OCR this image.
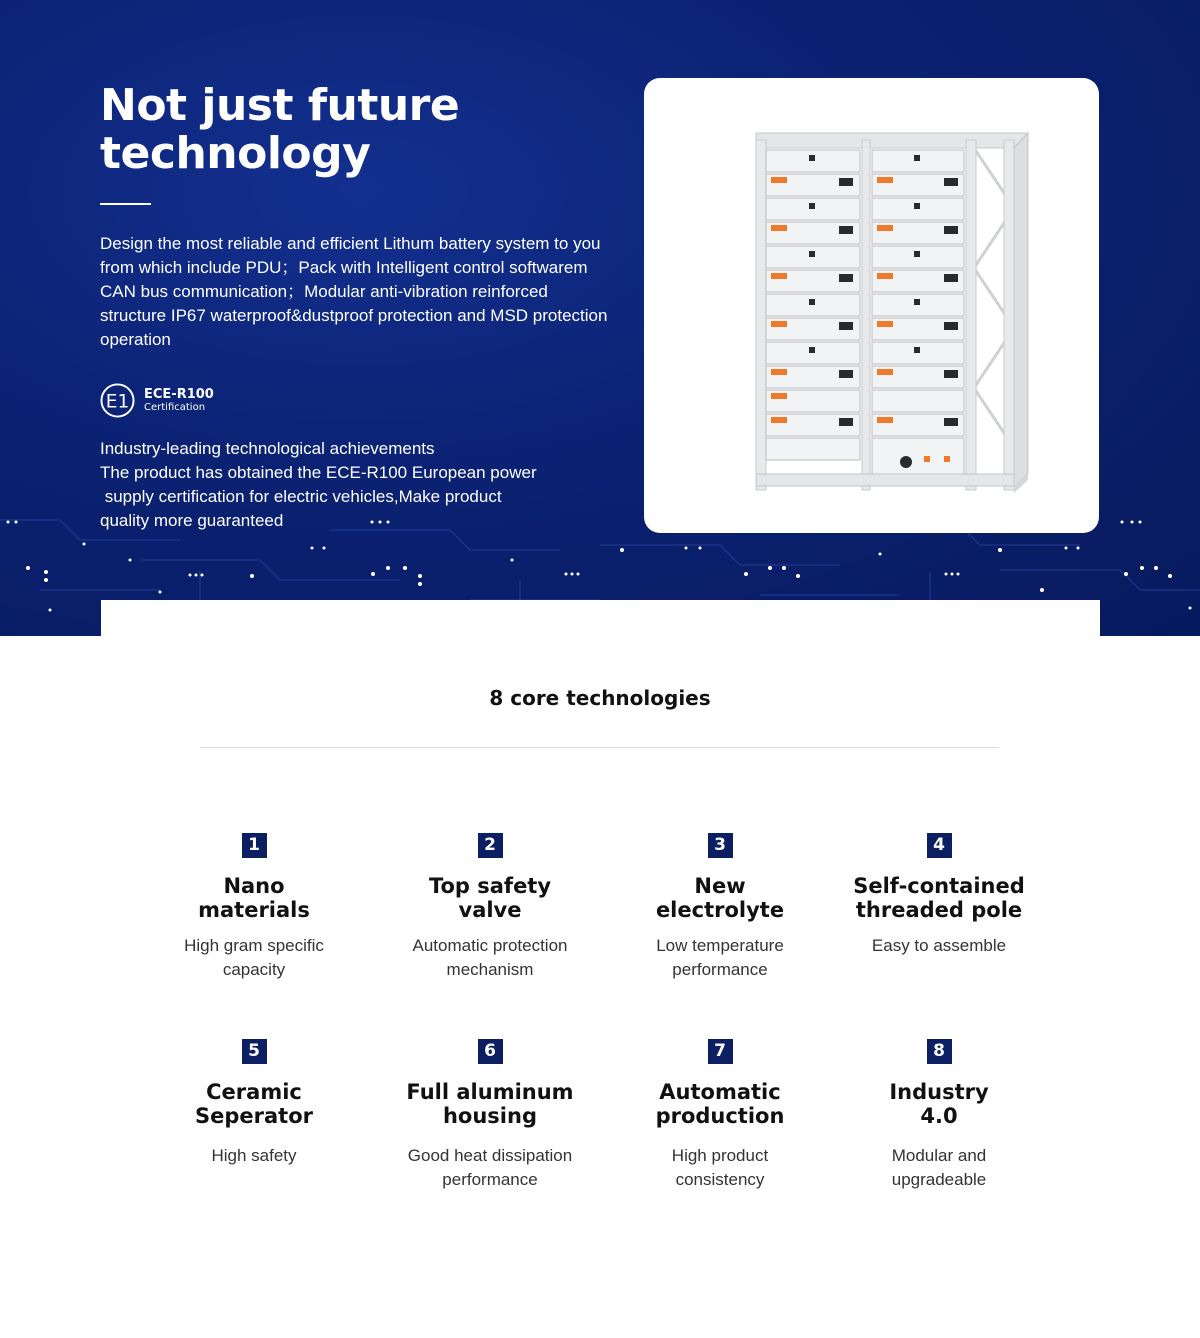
Not just future technology

Design the most reliable and efficient Lithum battery system to you from which include PDU；Pack with Intelligent control softwarem CAN bus communication；Modular anti-vibration reinforced structure IP67 waterproof&dustproof protection and MSD protection operation

E1 ECE-R100
Certification

Industry-leading technological achievements

The product has obtained the ECE-R100 European power

supply certification for electric vehicles,Make product

quality more guaranteed

8 core technologies
1
Nano
materials
High gram specific
capacity
2
Top safety
valve
Automatic protection
mechanism
3
New
electrolyte
Low temperature
performance
4
Self-contained
threaded pole
Easy to assemble
5
Ceramic
Seperator
High safety
6
Full aluminum
housing
Good heat dissipation
performance
7
Automatic
production
High product
consistency
8
Industry
4.0
Modular and
upgradeable
